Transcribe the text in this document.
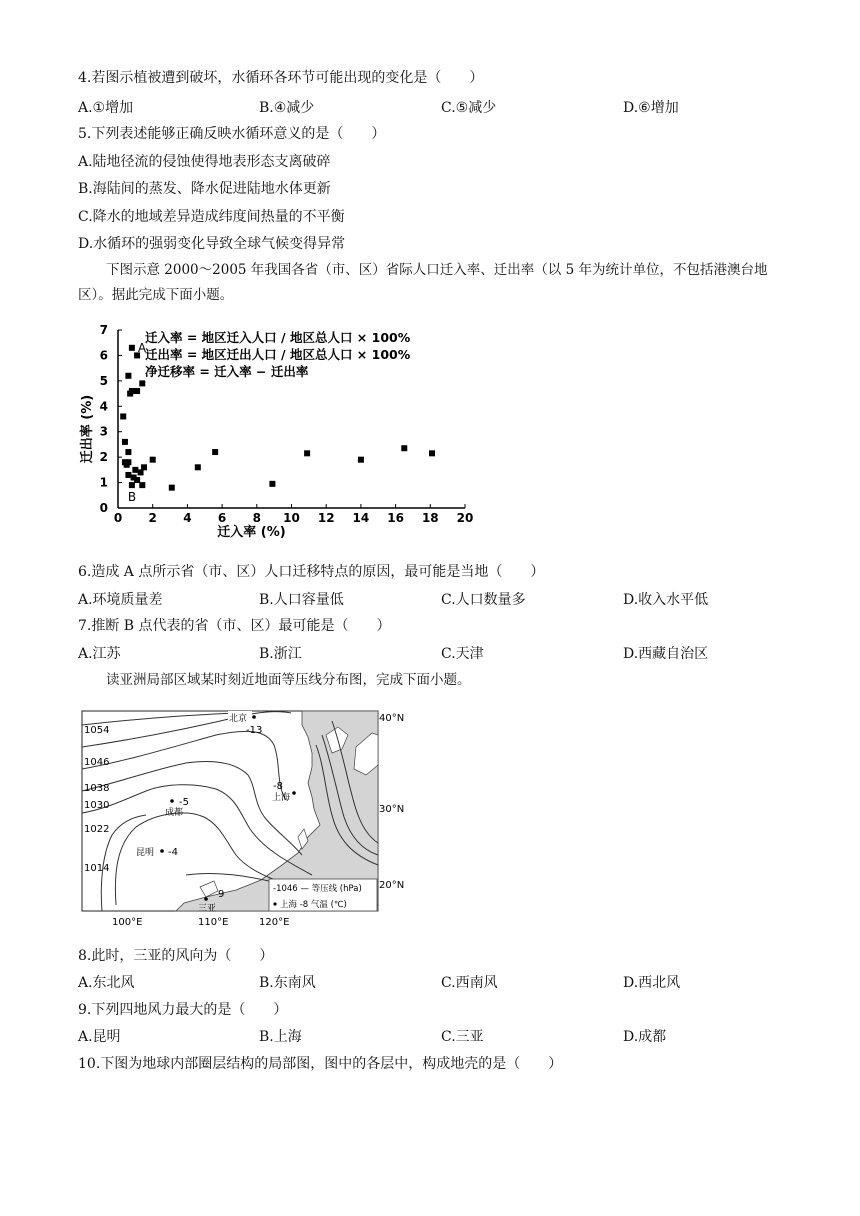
4.若图示植被遭到破坏，水循环各环节可能出现的变化是（　　）
A.①增加	B.④减少	C.⑤减少	D.⑥增加
5.下列表述能够正确反映水循环意义的是（　　）
A.陆地径流的侵蚀使得地表形态支离破碎
B.海陆间的蒸发、降水促进陆地水体更新
C.降水的地域差异造成纬度间热量的不平衡
D.水循环的强弱变化导致全球气候变得异常
下图示意 2000～2005 年我国各省（市、区）省际人口迁入率、迁出率（以 5 年为统计单位，不包括港澳台地区）。据此完成下面小题。
0 2 4 6 8 10 12 14 16 18 20
0
1
2
3
4
5
6
7
迁入率 (%)
迁出率 (%)
迁入率 = 地区迁入人口 / 地区总人口 × 100%
迁出率 = 地区迁出人口 / 地区总人口 × 100%
净迁移率 = 迁入率 − 迁出率
A
B
6.造成 A 点所示省（市、区）人口迁移特点的原因，最可能是当地（　　）
A.环境质量差	B.人口容量低	C.人口数量多	D.收入水平低
7.推断 B 点代表的省（市、区）最可能是（　　）
A.江苏	B.浙江	C.天津	D.西藏自治区
读亚洲局部区域某时刻近地面等压线分布图，完成下面小题。
1054
1046
1038
1030
1022
1014
北京
-13
-8
上海
-5
成都
昆明 -4
9
三亚
-1046 — 等压线 (hPa)
上海 -8 气温 (℃)
40°N
30°N
20°N
100°E	110°E	120°E
8.此时，三亚的风向为（　　）
A.东北风	B.东南风	C.西南风	D.西北风
9.下列四地风力最大的是（　　）
A.昆明	B.上海	C.三亚	D.成都
10.下图为地球内部圈层结构的局部图，图中的各层中，构成地壳的是（　　）
